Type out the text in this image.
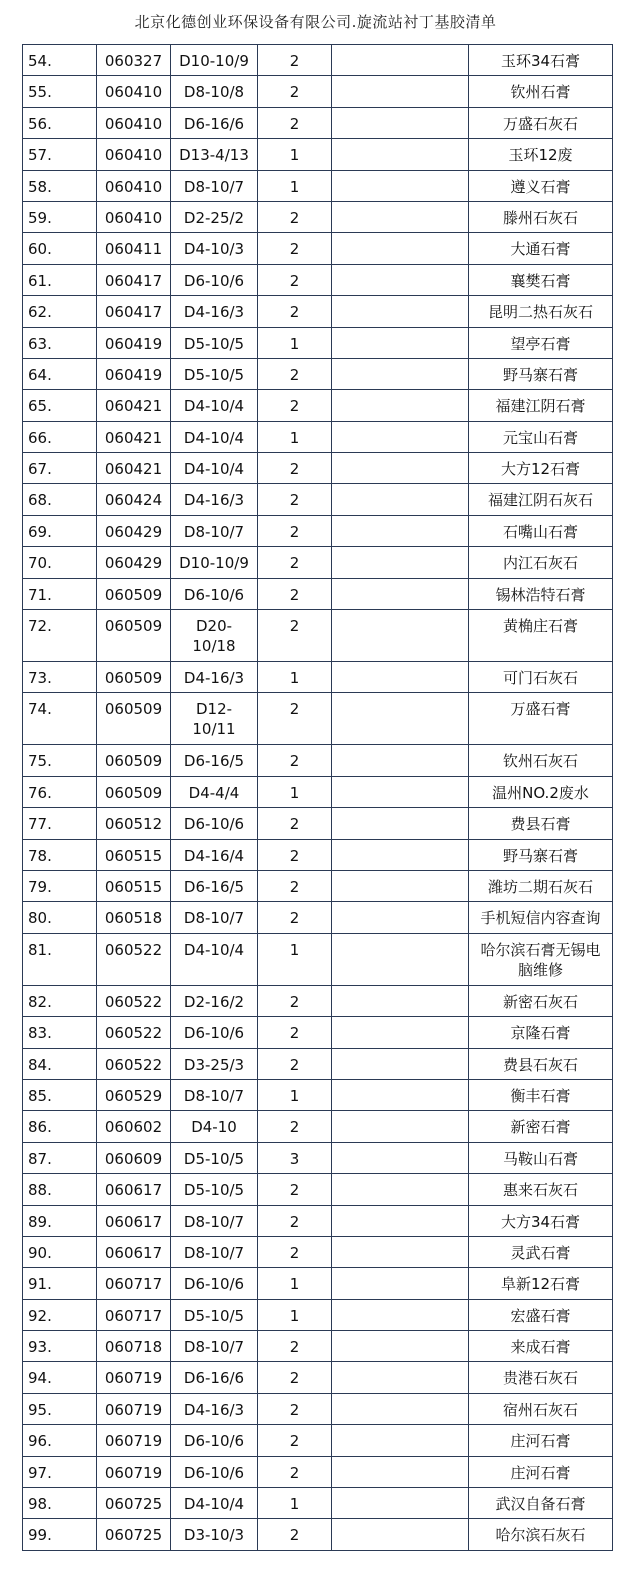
北京化德创业环保设备有限公司.旋流站衬丁基胶清单
54.	060327	D10-10/9	2		玉环34石膏
55.	060410	D8-10/8	2		钦州石膏
56.	060410	D6-16/6	2		万盛石灰石
57.	060410	D13-4/13	1		玉环12废
58.	060410	D8-10/7	1		遵义石膏
59.	060410	D2-25/2	2		滕州石灰石
60.	060411	D4-10/3	2		大通石膏
61.	060417	D6-10/6	2		襄樊石膏
62.	060417	D4-16/3	2		昆明二热石灰石
63.	060419	D5-10/5	1		望亭石膏
64.	060419	D5-10/5	2		野马寨石膏
65.	060421	D4-10/4	2		福建江阴石膏
66.	060421	D4-10/4	1		元宝山石膏
67.	060421	D4-10/4	2		大方12石膏
68.	060424	D4-16/3	2		福建江阴石灰石
69.	060429	D8-10/7	2		石嘴山石膏
70.	060429	D10-10/9	2		内江石灰石
71.	060509	D6-10/6	2		锡林浩特石膏
72.	060509	D20-
10/18	2		黄桷庄石膏
73.	060509	D4-16/3	1		可门石灰石
74.	060509	D12-
10/11	2		万盛石膏
75.	060509	D6-16/5	2		钦州石灰石
76.	060509	D4-4/4	1		温州NO.2废水
77.	060512	D6-10/6	2		费县石膏
78.	060515	D4-16/4	2		野马寨石膏
79.	060515	D6-16/5	2		潍坊二期石灰石
80.	060518	D8-10/7	2		手机短信内容查询
81.	060522	D4-10/4	1		哈尔滨石膏无锡电
脑维修
82.	060522	D2-16/2	2		新密石灰石
83.	060522	D6-10/6	2		京隆石膏
84.	060522	D3-25/3	2		费县石灰石
85.	060529	D8-10/7	1		衡丰石膏
86.	060602	D4-10	2		新密石膏
87.	060609	D5-10/5	3		马鞍山石膏
88.	060617	D5-10/5	2		惠来石灰石
89.	060617	D8-10/7	2		大方34石膏
90.	060617	D8-10/7	2		灵武石膏
91.	060717	D6-10/6	1		阜新12石膏
92.	060717	D5-10/5	1		宏盛石膏
93.	060718	D8-10/7	2		来成石膏
94.	060719	D6-16/6	2		贵港石灰石
95.	060719	D4-16/3	2		宿州石灰石
96.	060719	D6-10/6	2		庄河石膏
97.	060719	D6-10/6	2		庄河石膏
98.	060725	D4-10/4	1		武汉自备石膏
99.	060725	D3-10/3	2		哈尔滨石灰石
